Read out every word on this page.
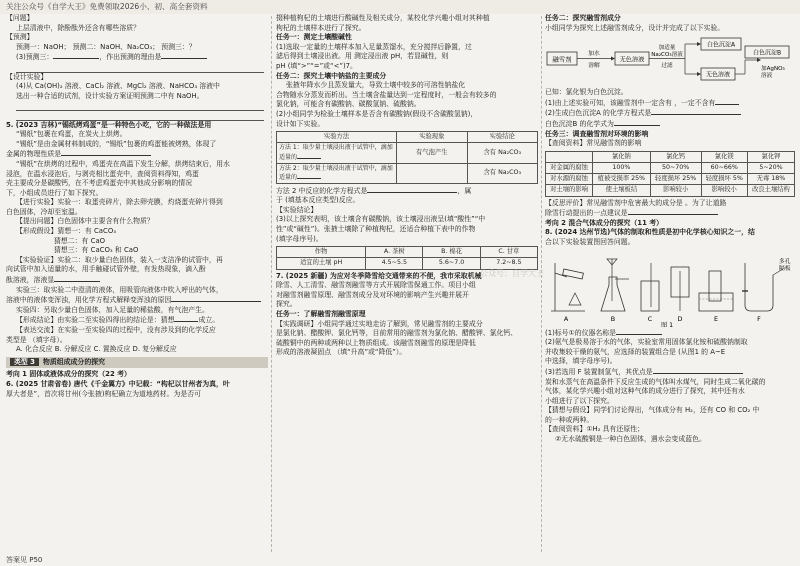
关注公众号《自学大王》免费领取2026小、初、高全套资料
【问题】
上层清液中，除酚酞外还含有哪些溶质？
【预测】
预测一：NaOH； 预测二：NaOH、Na₂CO₃； 预测三：？
(3)预测三：	，作出预测的理由是
【设计实验】
(4)从 Ca(OH)₂ 溶液、CaCl₂ 溶液、MgCl₂ 溶液、NaHCO₃ 溶液中
选出一种合适的试剂，设计实验方案证明预测二中有 NaOH。
5. (2023 吉林)“锡纸烤鸡蛋”是一种特色小吃，它的一种做法是用
“锡纸”包裹在鸡蛋，在炭火上烘烤。
“锡纸”是由金属材料制成的，“锡纸”包裹的鸡蛋能被烤熟，体现了
金属的物理性质是
“锡纸”在烘烤的过程中，鸡蛋壳在高温下发生分解，烘烤结束后，用水
浸泡，在温水浸泡后，与剥壳相比蛋壳中，查阅资料得知，鸡蛋
壳主要成分是碳酸钙，在不考虑鸡蛋壳中其他成分影响的情况
下，小组成员进行了如下探究。
【进行实验】实验一：取蛋壳碎片，除去卵壳膜，灼烧蛋壳碎片得到
白色固体，冷却至室温。
【提出问题】白色固体中主要含有什么物质？
【形成假设】猜想一：有 CaCO₃
猜想二：有 CaO
猜想三：有 CaCO₃ 和 CaO
【实验验证】实验二：取少量白色固体，装入一支洁净的试管中，再
向试管中加入适量的水，用手触碰试管外壁，有发热现象，滴入酚
酞溶液，溶液显
实验三：取实验二中澄清的液体，用吸管向液体中吹入呼出的气体，
溶液中的液体变浑浊，用化学方程式解释变浑浊的原因
实验四：另取少量白色固体，加入足量的稀盐酸，有气泡产生。
【形成结论】由实验二至实验四得出的结论是：猜想	成立。
【表达交流】在实验一至实验四的过程中，没有涉及到的化学反应
类型是 （填字母）。
A. 化合反应 B. 分解反应 C. 置换反应 D. 复分解反应
类型 3 物质组成成分的探究
考向 1 固体或液体成分的探究（22 考）
6. (2025 甘肃省卷) 唐代《千金翼方》中记载：“构杞以甘州者为真，叶
厚大者是”，首次将甘州(今张掖)枸杞确立为道地药材。为是否可
掇种植枸杞的土壤进行酸碱性及相关成分，某校化学兴趣小组对其种植
枸杞的土壤样本进行了探究。
任务一：测定土壤酸碱性
(1)选取一定量的土壤样本加入足量蒸馏水，充分搅拌后静置，过
滤后得到土壤浸出液。用 测定浸出液 pH，若显碱性，则
pH (填“>”“=”或“<”)7。
任务二：探究土壤中钠盐的主要成分
张掖年降水少且蒸发量大，导致土壤中较多的可溶性钠盐化
合物随水分蒸发而析出。当土壤含盐量达到一定程度时，一般会有较多的
氯化钠，可能含有碳酸钠、碳酸氢钠、硫酸钠。
(2)小组同学为检验土壤样本是否含有碳酸钠(假设不含碳酸氢钠)，
设计如下实验。
实验方法	实验现象	实验结论
方法 1：取少量土壤浸出液于试管中，滴加适量的	有气泡产生	含有 Na₂CO₃
方法 2：取少量土壤浸出液于试管中，滴加适量的		含有 Na₂CO₃
方法 2 中反应的化学方程式是	，属
于 (填基本反应类型)反应。
【实验结论】
(3)以上探究表明，该土壤含有碳酸钠，该土壤浸出液呈(填“酸性”“中
性”或“碱性”)。张掖土壤除了种植枸杞，还适合种植下表中的作物
(填字母序号)。
作物	A. 茶树	B. 棉花	C. 甘草
适宜的土壤 pH	4.5~5.5	5.6~7.0	7.2~8.5
7. (2025 新疆) 为应对冬季降雪给交通带来的不便，我市采取机械
除雪、人工清雪、融雪剂融雪等方式开展除雪保通工作。项目小组
对融雪剂融雪原理、融雪剂成分及对环境的影响产生兴趣并展开
探究。
任务一：了解融雪剂融雪原理
【实践调研】小组同学通过实地走访了解到，常见融雪剂的主要成分
是氯化钠、醋酸钾、氯化钙等，目前常用的融雪剂为氯化钠、醋酸钾、氯化钙、
硫酸铜中的两种或两种以上物质组成。该融雪剂融雪的原理是降低
形成的溶液凝固点 （填“升高”或“降低”）。
任务二：探究融雪剂成分
小组同学为探究上述融雪剂成分，设计并完成了以下实验。
融雪剂
加水
溶解
无色溶液
加适量
Na₂CO₃溶液
过滤
白色沉淀A
无色溶液
加AgNO₃
溶液
白色沉淀B
已知：氯化银为白色沉淀。
(1)由上述实验可知，该融雪剂中一定含有 ，一定不含有
(2)生成白色沉淀A 的化学方程式是
白色沉淀B 的化学式为
任务三：调查融雪剂对环境的影响
【查阅资料】常见融雪剂的影响
	氯化钠	氯化钙	氯化镁	氯化钾
对金属的腐蚀	100%	50~70%	60~66%	5~20%
对水源的腐蚀	植被受损率 25%	轻度损坏 25%	轻度损坏 5%	无毒 18%
对土壤的影响	使土壤板结	影响较小	影响较小	改良土壤结构
【反思评价】常见融雪剂中危害最大的成分是 。为了让道路
除雪行动提出的一点建议是
考向 2 混合气体成分的探究（11 考）
8. (2024 达州节选)气体的制取和性质是初中化学核心知识之一，结
合以下实验装置图回答问题。
A	B	C	D	E
多孔
隔板
F
图 1
(1)标号①的仪器名称是
(2)氨气是极易溶于水的气体，实验室常用固体氯化铵和硫酸钠制取
并收集较干燥的氨气，应选择的装置组合是 (从图1 的 A~E
中选择，填字母序号)。
(3)若选用 F 装置制氢气，其优点是
炭和水蒸气在高温条件下反应生成的气体叫水煤气，同时生成二氧化碳的
气体，某化学兴趣小组对这种气体的成分进行了探究，其中还有水
小组进行了以下探究。
【猜想与假设】同学们讨论得出，气体成分有 H₂，还有 CO 和 CO₂ 中
的一种或两种。
【查阅资料】①H₂ 具有还原性；
②无水硫酸铜是一种白色固体，遇水会变成蓝色。
公众号：自学大王
答案见 P50
